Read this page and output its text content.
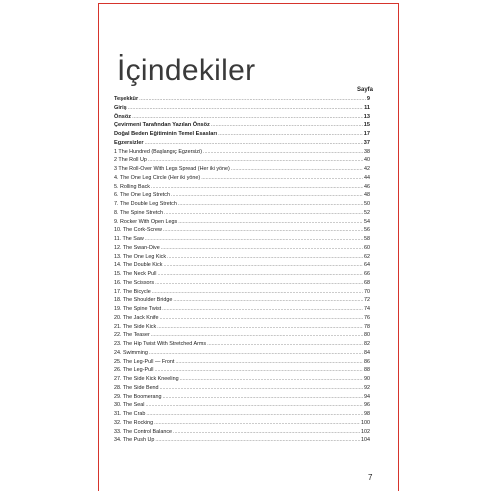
İçindekiler
Sayfa
Teşekkür .....	9
Giriş .....	11
Önsöz .....	13
Çevirmeni Tarafından Yazılan Önsöz .....	15
Doğal Beden Eğitiminin Temel Esasları .....	17
Egzersizler .....	37
1 The Hundred (Başlangıç Egzersizi) .....	38
2 The Roll Up .....	40
3 The Roll-Over With Legs Spread (Her iki yöne) .....	42
4. The One Leg Circle (Her iki yöne) .....	44
5. Rolling Back .....	46
6. The One Leg Stretch .....	48
7. The Double Leg Stretch .....	50
8. The Spine Stretch .....	52
9. Rocker With Open Legs .....	54
10. The Cork-Screw .....	56
11. The Saw .....	58
12. The Swan-Dive .....	60
13. The One Leg Kick .....	62
14. The Double Kick .....	64
15. The Neck Pull .....	66
16. The Scissors .....	68
17. The Bicycle .....	70
18. The Shoulder Bridge .....	72
19. The Spine Twist .....	74
20. The Jack Knife .....	76
21. The Side Kick .....	78
22. The Teaser .....	80
23. The Hip Twist With Stretched Arms .....	82
24. Swimming .....	84
25. The Leg-Pull — Front .....	86
26. The Leg-Pull .....	88
27. The Side Kick Kneeling .....	90
28. The Side Bend .....	92
29. The Boomerang .....	94
30. The Seal .....	96
31. The Crab .....	98
32. The Rocking .....	100
33. The Control Balance .....	102
34. The Push Up .....	104
7
